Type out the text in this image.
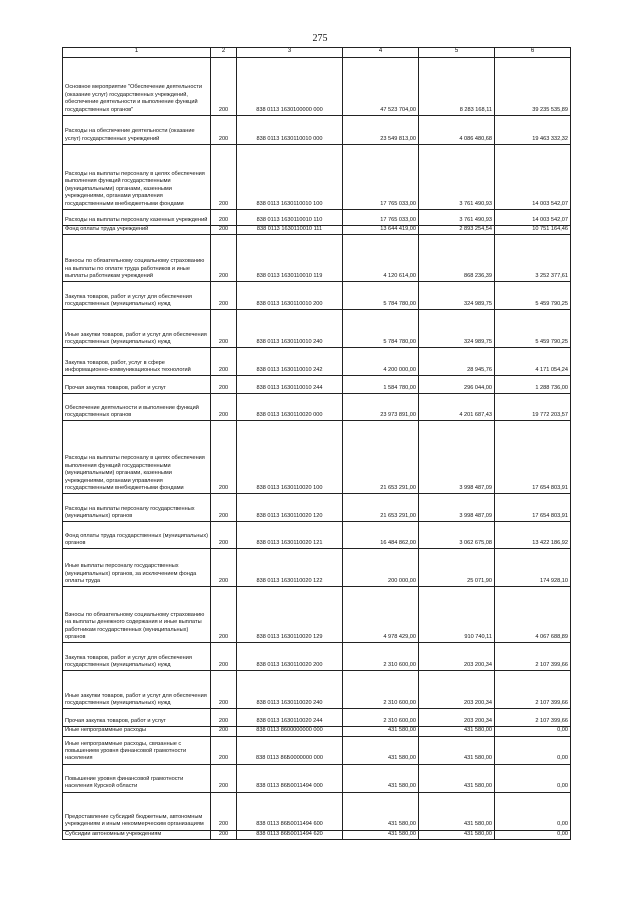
275
1	2	3	4	5	6
Основное мероприятие "Обеспечение деятельности (оказание услуг) государственных учреждений, обеспечение деятельности и выполнение функций государственных органов"	200	838 0113 1630100000 000	47 523 704,00	8 283 168,11	39 235 535,89
Расходы на обеспечение деятельности (оказание услуг) государственных учреждений	200	838 0113 1630110010 000	23 549 813,00	4 086 480,68	19 463 332,32
Расходы на выплаты персоналу в целях обеспечения выполнения функций государственными (муниципальными) органами, казенными учреждениями, органами управления государственными внебюджетными фондами	200	838 0113 1630110010 100	17 765 033,00	3 761 490,93	14 003 542,07
Расходы на выплаты персоналу казенных учреждений	200	838 0113 1630110010 110	17 765 033,00	3 761 490,93	14 003 542,07
Фонд оплаты труда учреждений	200	838 0113 1630110010 111	13 644 419,00	2 893 254,54	10 751 164,46
Взносы по обязательному социальному страхованию на выплаты по оплате труда работников и иные выплаты работникам учреждений	200	838 0113 1630110010 119	4 120 614,00	868 236,39	3 252 377,61
Закупка товаров, работ и услуг для обеспечения государственных (муниципальных) нужд	200	838 0113 1630110010 200	5 784 780,00	324 989,75	5 459 790,25
Иные закупки товаров, работ и услуг для обеспечения государственных (муниципальных) нужд	200	838 0113 1630110010 240	5 784 780,00	324 989,75	5 459 790,25
Закупка товаров, работ, услуг в сфере информационно-коммуникационных технологий	200	838 0113 1630110010 242	4 200 000,00	28 945,76	4 171 054,24
Прочая закупка товаров, работ и услуг	200	838 0113 1630110010 244	1 584 780,00	296 044,00	1 288 736,00
Обеспечение деятельности и выполнение функций государственных органов	200	838 0113 1630110020 000	23 973 891,00	4 201 687,43	19 772 203,57
Расходы на выплаты персоналу в целях обеспечения выполнения функций государственными (муниципальными) органами, казенными учреждениями, органами управления государственными внебюджетными фондами	200	838 0113 1630110020 100	21 653 291,00	3 998 487,09	17 654 803,91
Расходы на выплаты персоналу государственных (муниципальных) органов	200	838 0113 1630110020 120	21 653 291,00	3 998 487,09	17 654 803,91
Фонд оплаты труда государственных (муниципальных) органов	200	838 0113 1630110020 121	16 484 862,00	3 062 675,08	13 422 186,92
Иные выплаты персоналу государственных (муниципальных) органов, за исключением фонда оплаты труда	200	838 0113 1630110020 122	200 000,00	25 071,90	174 928,10
Взносы по обязательному социальному страхованию на выплаты денежного содержания и иные выплаты работникам государственных (муниципальных) органов	200	838 0113 1630110020 129	4 978 429,00	910 740,11	4 067 688,89
Закупка товаров, работ и услуг для обеспечения государственных (муниципальных) нужд	200	838 0113 1630110020 200	2 310 600,00	203 200,34	2 107 399,66
Иные закупки товаров, работ и услуг для обеспечения государственных (муниципальных) нужд	200	838 0113 1630110020 240	2 310 600,00	203 200,34	2 107 399,66
Прочая закупка товаров, работ и услуг	200	838 0113 1630110020 244	2 310 600,00	203 200,34	2 107 399,66
Иные непрограммные расходы	200	838 0113 8600000000 000	431 580,00	431 580,00	0,00
Иные непрограммные расходы, связанные с повышением уровня финансовой грамотности населения	200	838 0113 86Б0000000 000	431 580,00	431 580,00	0,00
Повышение уровня финансовой грамотности населения Курской области	200	838 0113 86Б0011494 000	431 580,00	431 580,00	0,00
Предоставление субсидий бюджетным, автономным учреждениям и иным некоммерческим организациям	200	838 0113 86Б0011494 600	431 580,00	431 580,00	0,00
Субсидии автономным учреждениям	200	838 0113 86Б0011494 620	431 580,00	431 580,00	0,00
